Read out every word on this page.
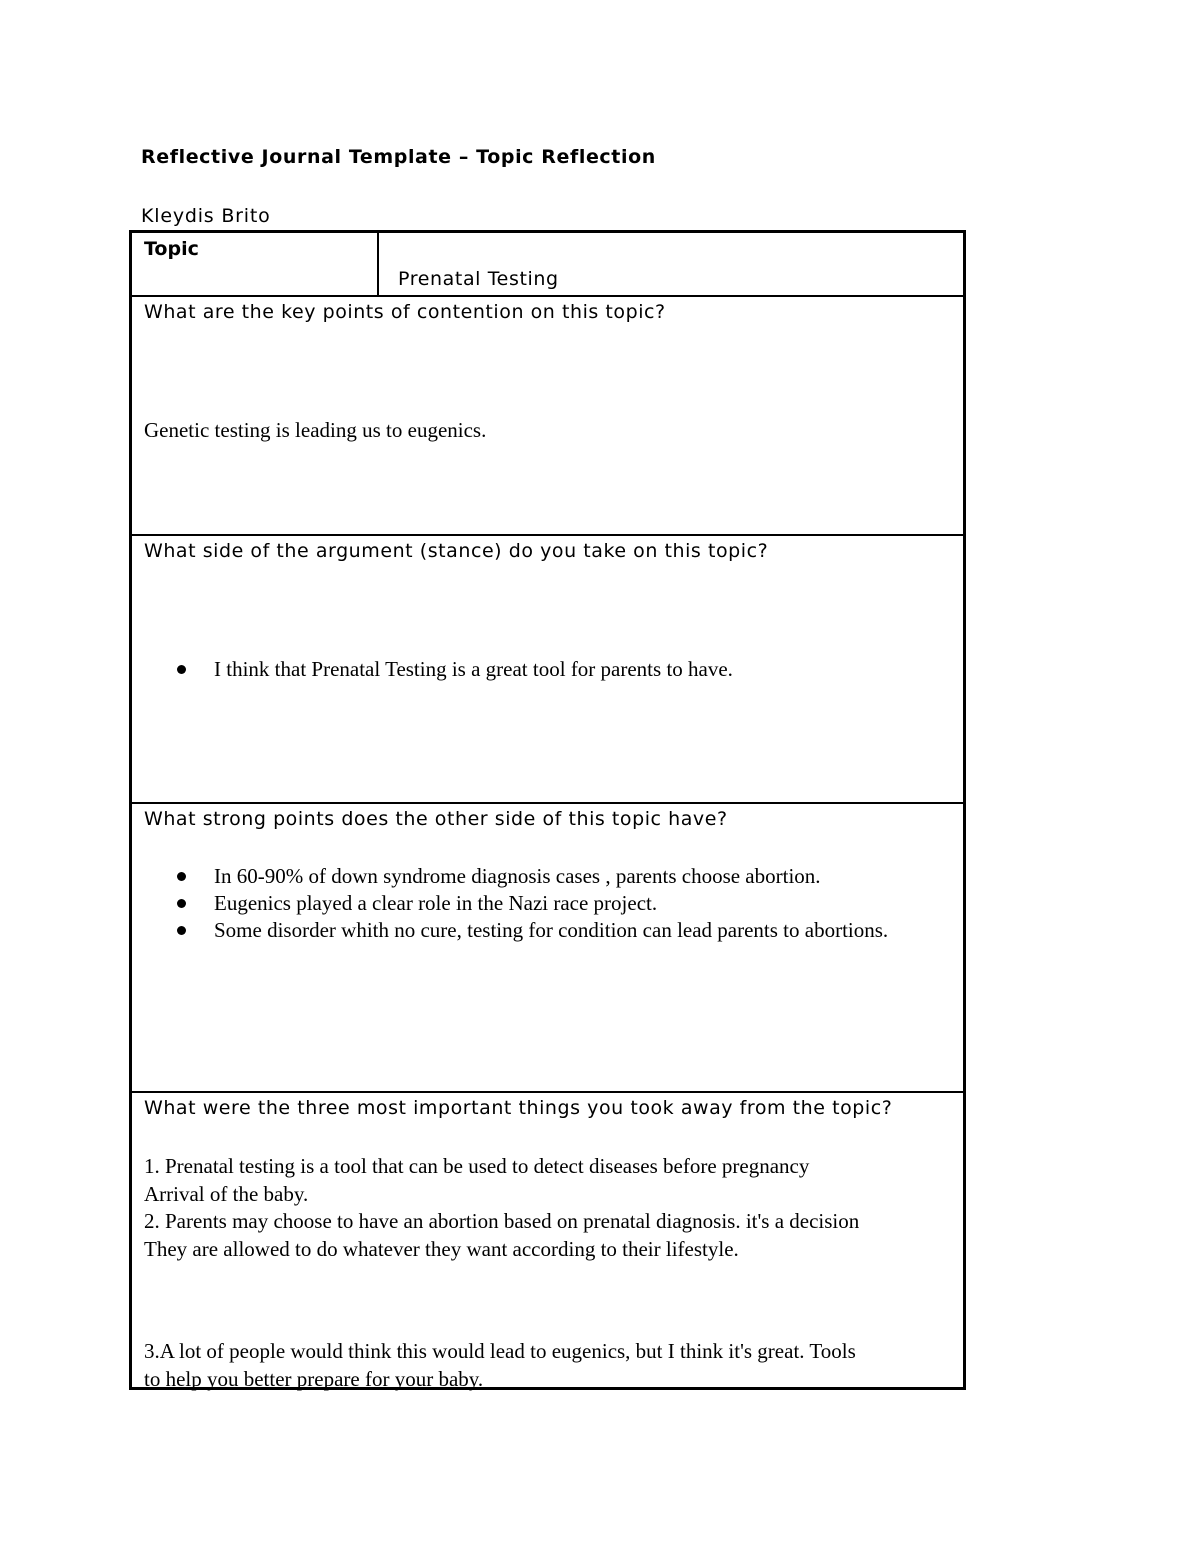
Reflective Journal Template – Topic Reflection
Kleydis Brito
Topic
Prenatal Testing
What are the key points of contention on this topic?
Genetic testing is leading us to eugenics.
What side of the argument (stance) do you take on this topic?
I think that Prenatal Testing is a great tool for parents to have.
What strong points does the other side of this topic have?
In 60-90% of down syndrome diagnosis cases , parents choose abortion.
Eugenics played a clear role in the Nazi race project.
Some disorder whith no cure, testing for condition can lead parents to abortions.
What were the three most important things you took away from the topic?
1. Prenatal testing is a tool that can be used to detect diseases before pregnancy
Arrival of the baby.
2. Parents may choose to have an abortion based on prenatal diagnosis. it's a decision
They are allowed to do whatever they want according to their lifestyle.
3.A lot of people would think this would lead to eugenics, but I think it's great. Tools
to help you better prepare for your baby.
